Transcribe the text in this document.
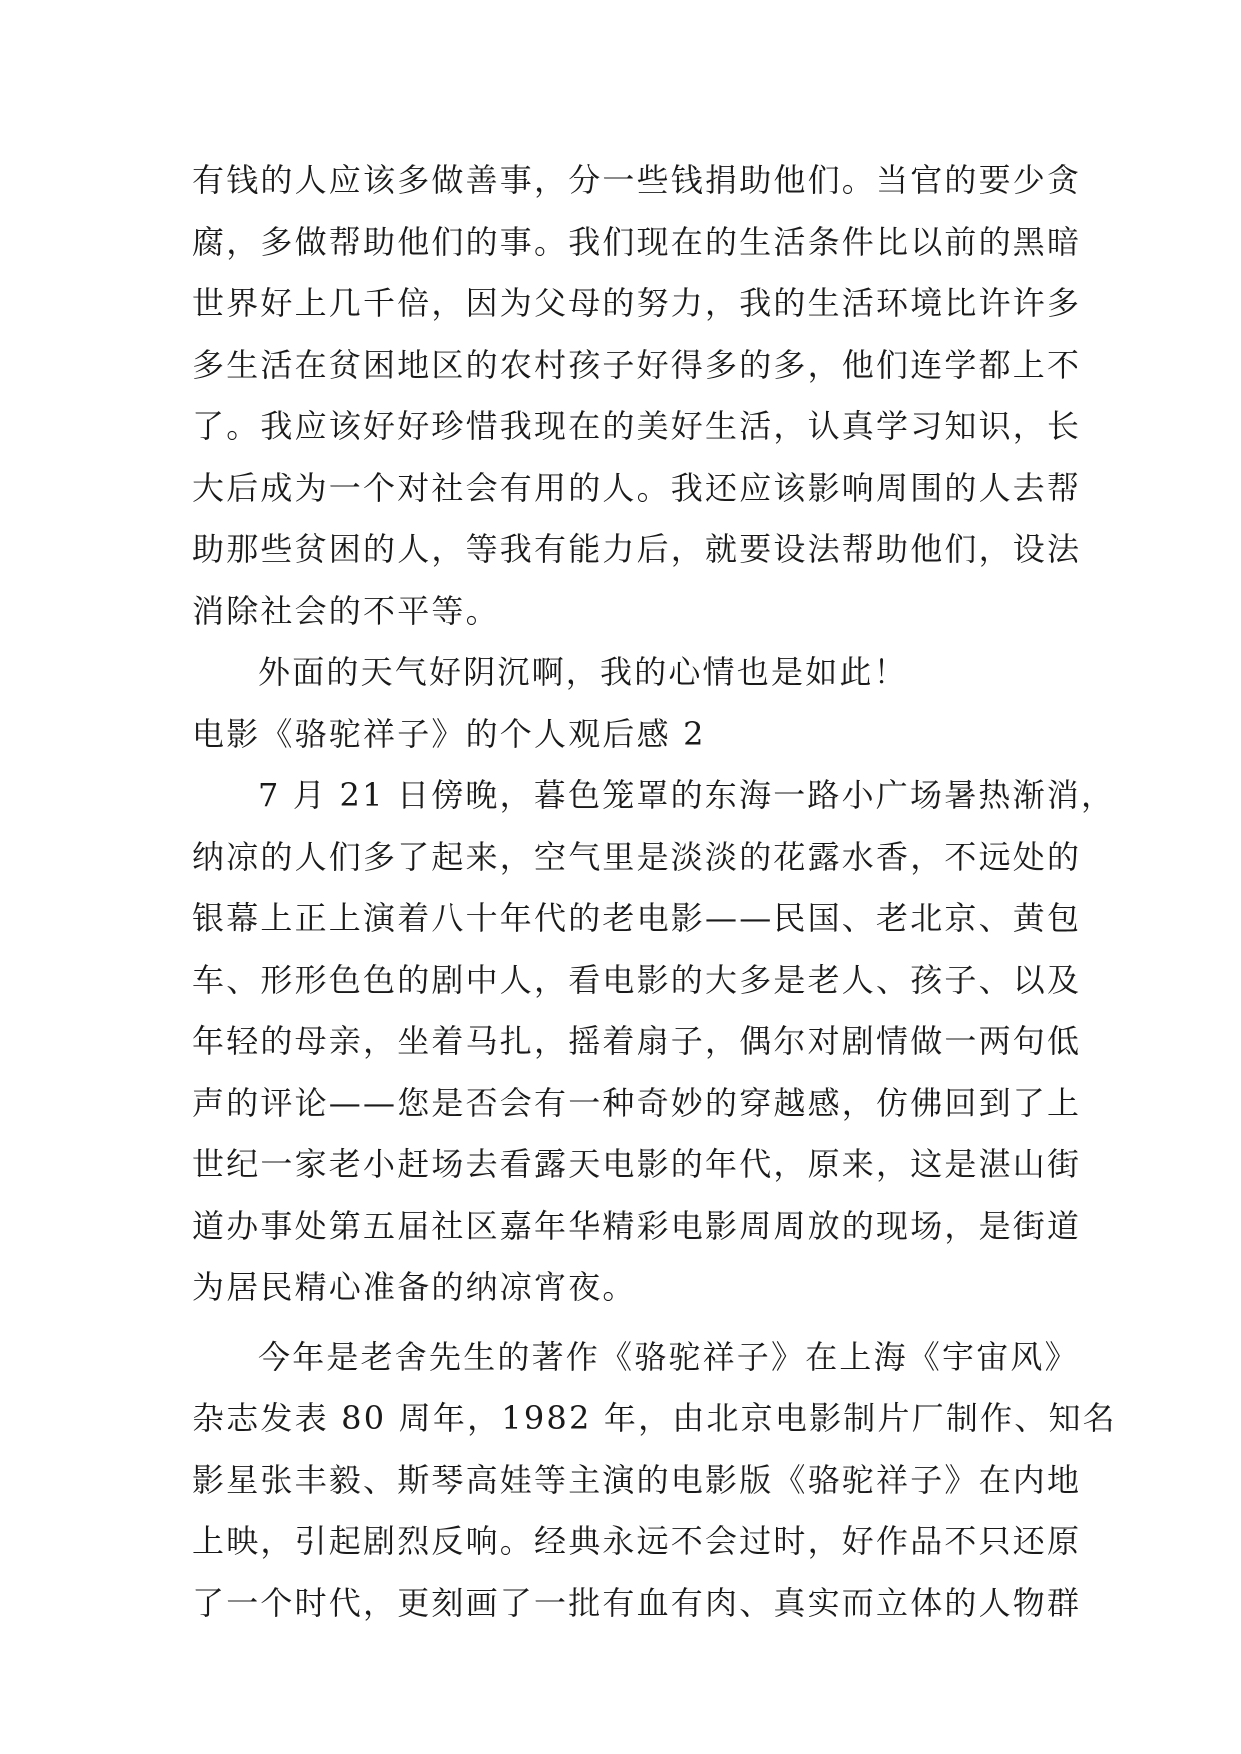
有钱的人应该多做善事，分一些钱捐助他们。当官的要少贪
腐，多做帮助他们的事。我们现在的生活条件比以前的黑暗
世界好上几千倍，因为父母的努力，我的生活环境比许许多
多生活在贫困地区的农村孩子好得多的多，他们连学都上不
了。我应该好好珍惜我现在的美好生活，认真学习知识，长
大后成为一个对社会有用的人。我还应该影响周围的人去帮
助那些贫困的人，等我有能力后，就要设法帮助他们，设法
消除社会的不平等。
外面的天气好阴沉啊，我的心情也是如此！
电影《骆驼祥子》的个人观后感 2
7 月 21 日傍晚，暮色笼罩的东海一路小广场暑热渐消，
纳凉的人们多了起来，空气里是淡淡的花露水香，不远处的
银幕上正上演着八十年代的老电影——民国、老北京、黄包
车、形形色色的剧中人，看电影的大多是老人、孩子、以及
年轻的母亲，坐着马扎，摇着扇子，偶尔对剧情做一两句低
声的评论——您是否会有一种奇妙的穿越感，仿佛回到了上
世纪一家老小赶场去看露天电影的年代，原来，这是湛山街
道办事处第五届社区嘉年华精彩电影周周放的现场，是街道
为居民精心准备的纳凉宵夜。
今年是老舍先生的著作《骆驼祥子》在上海《宇宙风》
杂志发表 80 周年，1982 年，由北京电影制片厂制作、知名
影星张丰毅、斯琴高娃等主演的电影版《骆驼祥子》在内地
上映，引起剧烈反响。经典永远不会过时，好作品不只还原
了一个时代，更刻画了一批有血有肉、真实而立体的人物群
